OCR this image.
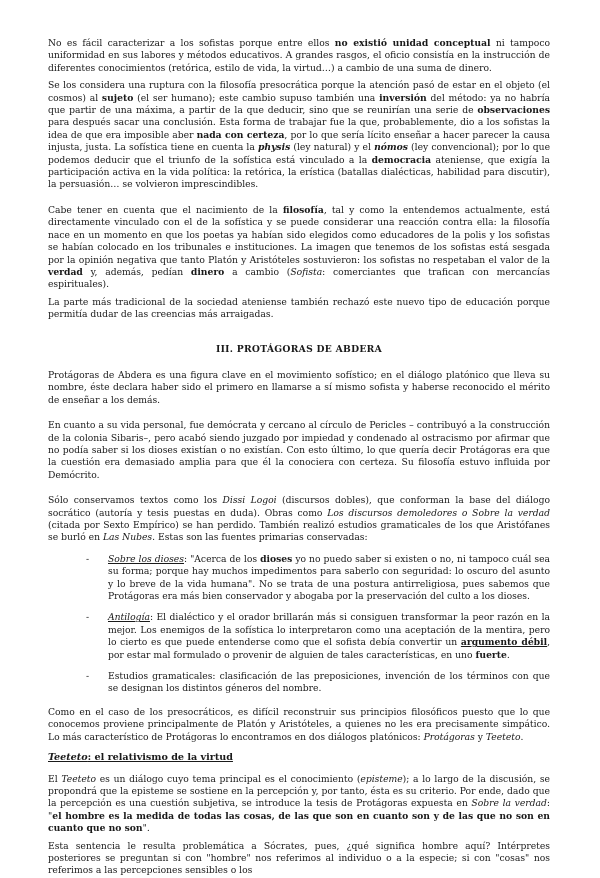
No es fácil caracterizar a los sofistas porque entre ellos no existió unidad conceptual ni tampoco uniformidad en sus labores y métodos educativos. A grandes rasgos, el oficio consistía en la instrucción de diferentes conocimientos (retórica, estilo de vida, la virtud…) a cambio de una suma de dinero.

Se los considera una ruptura con la filosofía presocrática porque la atención pasó de estar en el objeto (el cosmos) al sujeto (el ser humano); este cambio supuso también una inversión del método: ya no habría que partir de una máxima, a partir de la que deducir, sino que se reunirían una serie de observaciones para después sacar una conclusión. Esta forma de trabajar fue la que, probablemente, dio a los sofistas la idea de que era imposible aber nada con certeza, por lo que sería lícito enseñar a hacer parecer la causa injusta, justa. La sofística tiene en cuenta la physis (ley natural) y el nómos (ley convencional); por lo que podemos deducir que el triunfo de la sofística está vinculado a la democracia ateniense, que exigía la participación activa en la vida política: la retórica, la erística (batallas dialécticas, habilidad para discutir), la persuasión… se volvieron imprescindibles.

Cabe tener en cuenta que el nacimiento de la filosofía, tal y como la entendemos actualmente, está directamente vinculado con el de la sofística y se puede considerar una reacción contra ella: la filosofía nace en un momento en que los poetas ya habían sido elegidos como educadores de la polis y los sofistas se habían colocado en los tribunales e instituciones. La imagen que tenemos de los sofistas está sesgada por la opinión negativa que tanto Platón y Aristóteles sostuvieron: los sofistas no respetaban el valor de la verdad y, además, pedían dinero a cambio (Sofista: comerciantes que trafican con mercancías espirituales).

La parte más tradicional de la sociedad ateniense también rechazó este nuevo tipo de educación porque permitía dudar de las creencias más arraigadas.

III. PROTÁGORAS DE ABDERA

Protágoras de Abdera es una figura clave en el movimiento sofístico; en el diálogo platónico que lleva su nombre, éste declara haber sido el primero en llamarse a sí mismo sofista y haberse reconocido el mérito de enseñar a los demás.

En cuanto a su vida personal, fue demócrata y cercano al círculo de Pericles – contribuyó a la construcción de la colonia Sibaris–, pero acabó siendo juzgado por impiedad y condenado al ostracismo por afirmar que no podía saber si los dioses existían o no existían. Con esto último, lo que quería decir Protágoras era que la cuestión era demasiado amplia para que él la conociera con certeza. Su filosofía estuvo influida por Demócrito.

Sólo conservamos textos como los Dissi Logoi (discursos dobles), que conforman la base del diálogo socrático (autoría y tesis puestas en duda). Obras como Los discursos demoledores o Sobre la verdad (citada por Sexto Empírico) se han perdido. También realizó estudios gramaticales de los que Aristófanes se burló en Las Nubes. Estas son las fuentes primarias conservadas:

- Sobre los dioses: "Acerca de los dioses yo no puedo saber si existen o no, ni tampoco cuál sea su forma; porque hay muchos impedimentos para saberlo con seguridad: lo oscuro del asunto y lo breve de la vida humana". No se trata de una postura antirreligiosa, pues sabemos que Protágoras era más bien conservador y abogaba por la preservación del culto a los dioses.
- Antilogía: El dialéctico y el orador brillarán más si consiguen transformar la peor razón en la mejor. Los enemigos de la sofística lo interpretaron como una aceptación de la mentira, pero lo cierto es que puede entenderse como que el sofista debía convertir un argumento débil, por estar mal formulado o provenir de alguien de tales características, en uno fuerte.
- Estudios gramaticales: clasificación de las preposiciones, invención de los términos con que se designan los distintos géneros del nombre.

Como en el caso de los presocráticos, es difícil reconstruir sus principios filosóficos puesto que lo que conocemos proviene principalmente de Platón y Aristóteles, a quienes no les era precisamente simpático. Lo más característico de Protágoras lo encontramos en dos diálogos platónicos: Protágoras y Teeteto.

Teeteto: el relativismo de la virtud

El Teeteto es un diálogo cuyo tema principal es el conocimiento (episteme); a lo largo de la discusión, se propondrá que la episteme se sostiene en la percepción y, por tanto, ésta es su criterio. Por ende, dado que la percepción es una cuestión subjetiva, se introduce la tesis de Protágoras expuesta en Sobre la verdad: "el hombre es la medida de todas las cosas, de las que son en cuanto son y de las que no son en cuanto que no son".

Esta sentencia le resulta problemática a Sócrates, pues, ¿qué significa hombre aquí? Intérpretes posteriores se preguntan si con "hombre" nos referimos al individuo o a la especie; si con "cosas" nos referimos a las percepciones sensibles o los
